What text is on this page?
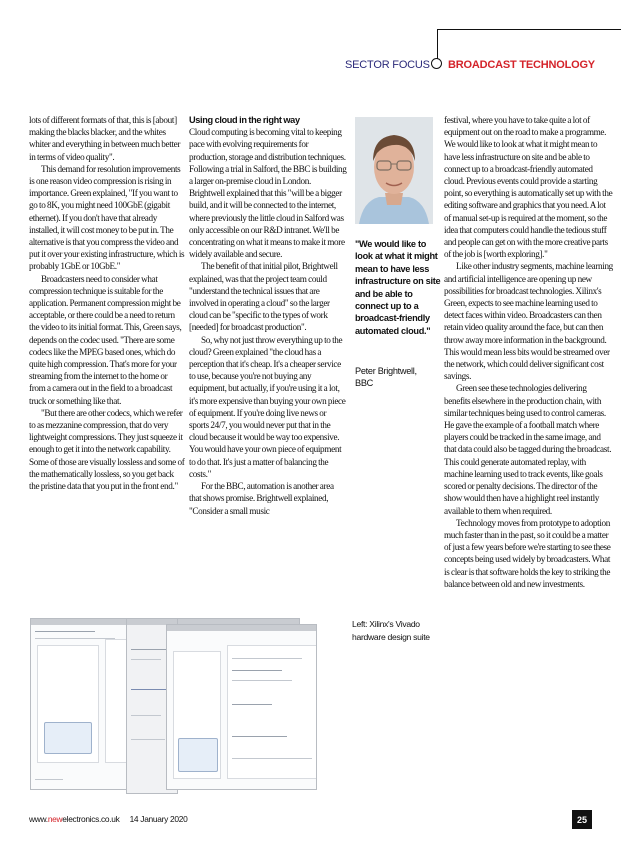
SECTOR FOCUS BROADCAST TECHNOLOGY

lots of different formats of that, this is [about] making the blacks blacker, and the whites whiter and everything in between much better in terms of video quality".

This demand for resolution improvements is one reason video compression is rising in importance. Green explained, "If you want to go to 8K, you might need 100GbE (gigabit ethernet). If you don't have that already installed, it will cost money to be put in. The alternative is that you compress the video and put it over your existing infrastructure, which is probably 1GbE or 10GbE."

Broadcasters need to consider what compression technique is suitable for the application. Permanent compression might be acceptable, or there could be a need to return the video to its initial format. This, Green says, depends on the codec used. "There are some codecs like the MPEG based ones, which do quite high compression. That's more for your streaming from the internet to the home or from a camera out in the field to a broadcast truck or something like that.

"But there are other codecs, which we refer to as mezzanine compression, that do very lightweight compressions. They just squeeze it enough to get it into the network capability. Some of those are visually lossless and some of the mathematically lossless, so you get back the pristine data that you put in the front end."

Using cloud in the right way

Cloud computing is becoming vital to keeping pace with evolving requirements for production, storage and distribution techniques. Following a trial in Salford, the BBC is building a larger on-premise cloud in London. Brightwell explained that this "will be a bigger build, and it will be connected to the internet, where previously the little cloud in Salford was only accessible on our R&D intranet. We'll be concentrating on what it means to make it more widely available and secure.

The benefit of that initial pilot, Brightwell explained, was that the project team could "understand the technical issues that are involved in operating a cloud" so the larger cloud can be "specific to the types of work [needed] for broadcast production".

So, why not just throw everything up to the cloud? Green explained "the cloud has a perception that it's cheap. It's a cheaper service to use, because you're not buying any equipment, but actually, if you're using it a lot, it's more expensive than buying your own piece of equipment. If you're doing live news or sports 24/7, you would never put that in the cloud because it would be way too expensive. You would have your own piece of equipment to do that. It's just a matter of balancing the costs."

For the BBC, automation is another area that shows promise. Brightwell explained, "Consider a small music

"We would like to look at what it might mean to have less infrastructure on site and be able to connect up to a broadcast-friendly automated cloud."
Peter Brightwell,
BBC

festival, where you have to take quite a lot of equipment out on the road to make a programme. We would like to look at what it might mean to have less infrastructure on site and be able to connect up to a broadcast-friendly automated cloud. Previous events could provide a starting point, so everything is automatically set up with the editing software and graphics that you need. A lot of manual set-up is required at the moment, so the idea that computers could handle the tedious stuff and people can get on with the more creative parts of the job is [worth exploring]."

Like other industry segments, machine learning and artificial intelligence are opening up new possibilities for broadcast technologies. Xilinx's Green, expects to see machine learning used to detect faces within video. Broadcasters can then retain video quality around the face, but can then throw away more information in the background. This would mean less bits would be streamed over the network, which could deliver significant cost savings.

Green see these technologies delivering benefits elsewhere in the production chain, with similar techniques being used to control cameras. He gave the example of a football match where players could be tracked in the same image, and that data could also be tagged during the broadcast. This could generate automated replay, with machine learning used to track events, like goals scored or penalty decisions. The director of the show would then have a highlight reel instantly available to them when required.

Technology moves from prototype to adoption much faster than in the past, so it could be a matter of just a few years before we're starting to see these concepts being used widely by broadcasters. What is clear is that software holds the key to striking the balance between old and new investments.

Left: Xilinx's Vivado hardware design suite
www.newelectronics.co.uk 14 January 2020	25
